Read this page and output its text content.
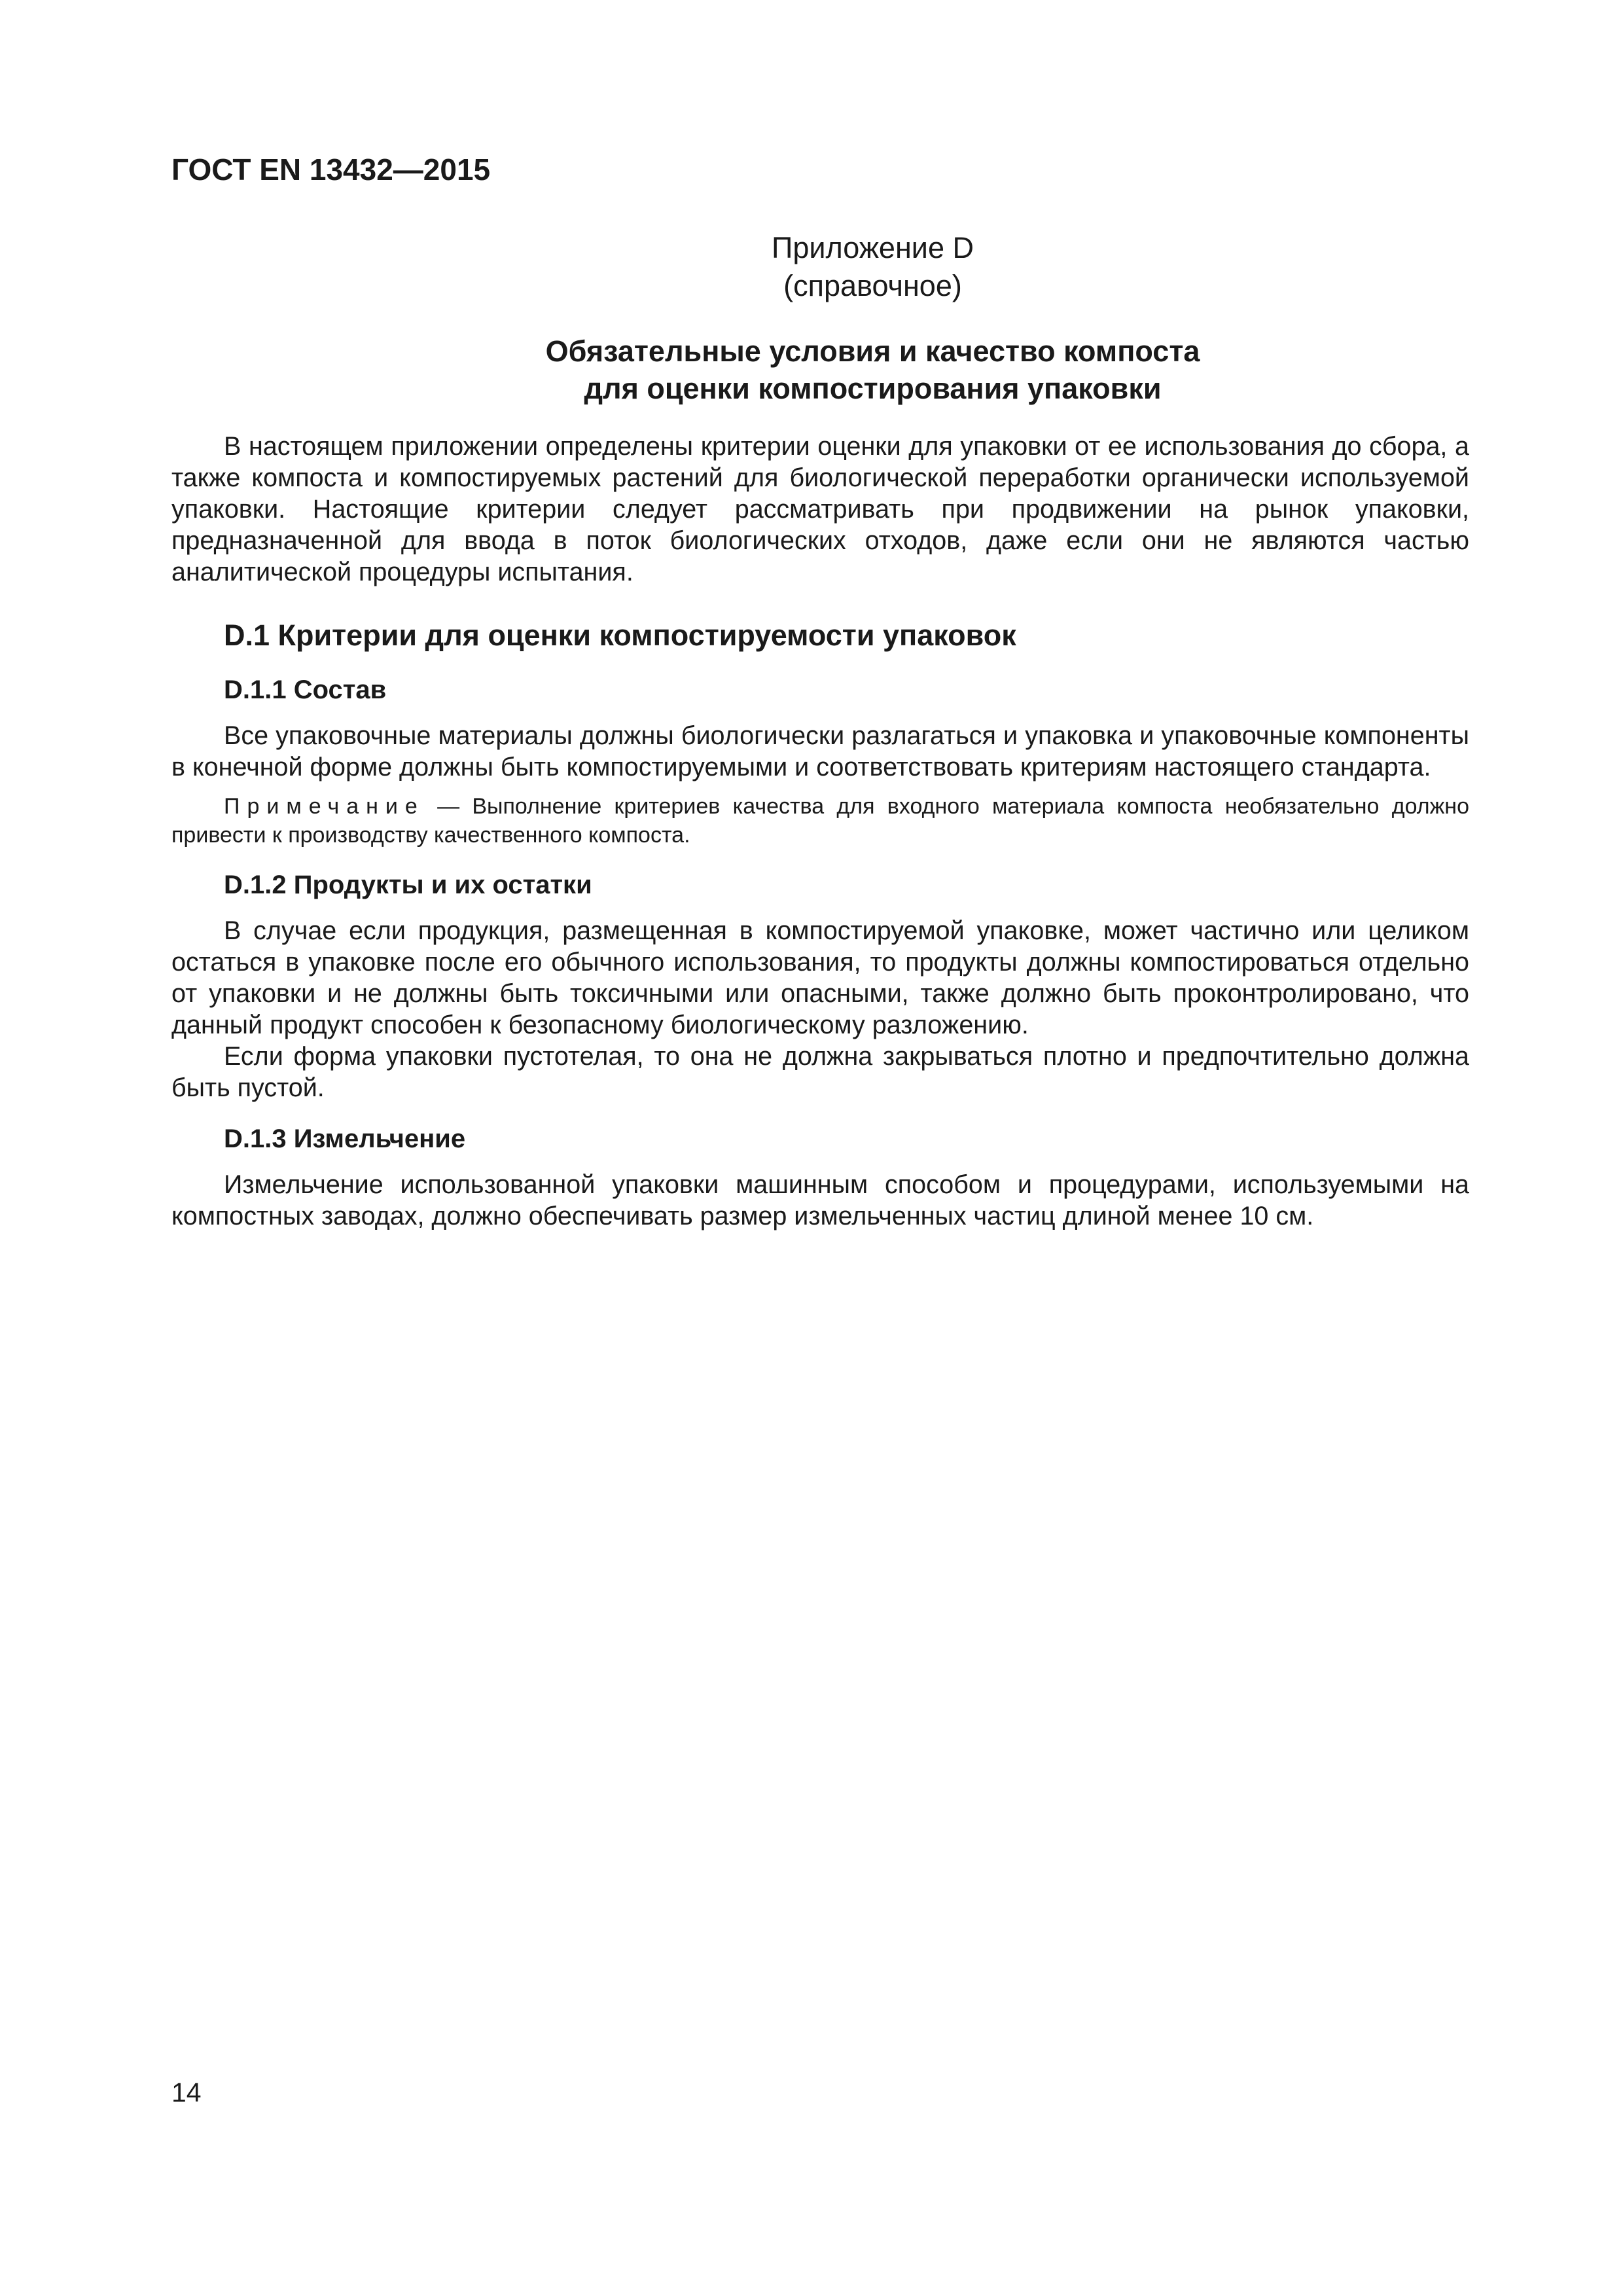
ГОСТ EN 13432—2015

Приложение D

(справочное)

Обязательные условия и качество компоста
для оценки компостирования упаковки

В настоящем приложении определены критерии оценки для упаковки от ее использования до сбора, а также компоста и компостируемых растений для биологической переработки органически используемой упаковки. Настоящие критерии следует рассматривать при продвижении на рынок упаковки, предназначенной для ввода в поток биологических отходов, даже если они не являются частью аналитической процедуры испытания.

D.1 Критерии для оценки компостируемости упаковок
D.1.1 Состав

Все упаковочные материалы должны биологически разлагаться и упаковка и упаковочные компоненты в конечной форме должны быть компостируемыми и соответствовать критериям настоящего стандарта.

Примечание — Выполнение критериев качества для входного материала компоста необязательно должно привести к производству качественного компоста.

D.1.2 Продукты и их остатки

В случае если продукция, размещенная в компостируемой упаковке, может частично или целиком остаться в упаковке после его обычного использования, то продукты должны компостироваться отдельно от упаковки и не должны быть токсичными или опасными, также должно быть проконтролировано, что данный продукт способен к безопасному биологическому разложению.

Если форма упаковки пустотелая, то она не должна закрываться плотно и предпочтительно должна быть пустой.

D.1.3 Измельчение

Измельчение использованной упаковки машинным способом и процедурами, используемыми на компостных заводах, должно обеспечивать размер измельченных частиц длиной менее 10 см.

14
